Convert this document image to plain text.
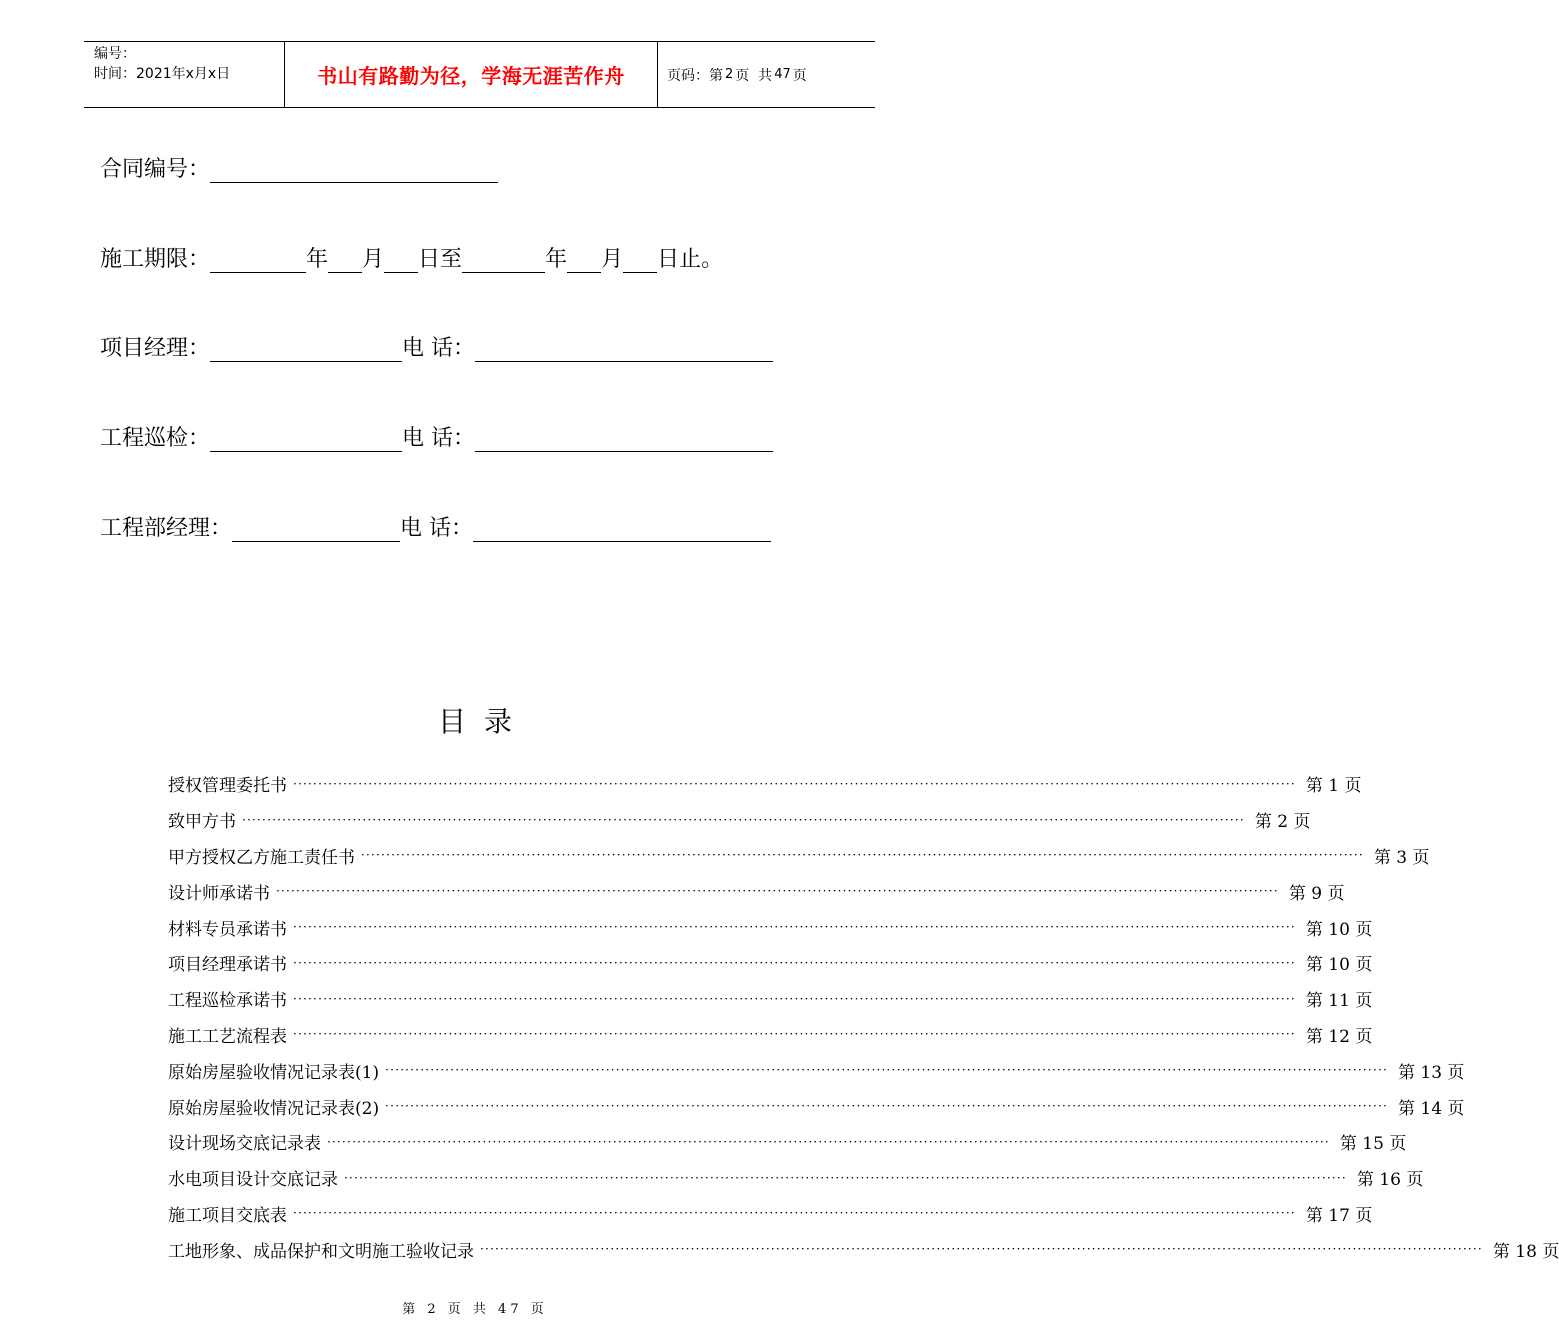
编号：
时间：2021年x月x日	书山有路勤为径，学海无涯苦作舟	页码：第 2 页  共 47 页
合同编号：
施工期限：	年 月 日至	年 月 日止。
项目经理：	电 话：
工程巡检：	电 话：
工程部经理：	电 话：
目录
授权管理委托书 ········································································································································································································ 第 1 页
致甲方书 ········································································································································································································ 第 2 页
甲方授权乙方施工责任书 ········································································································································································································ 第 3 页
设计师承诺书 ········································································································································································································ 第 9 页
材料专员承诺书 ········································································································································································································ 第 10 页
项目经理承诺书 ········································································································································································································ 第 10 页
工程巡检承诺书 ········································································································································································································ 第 11 页
施工工艺流程表 ········································································································································································································ 第 12 页
原始房屋验收情况记录表(1) ········································································································································································································ 第 13 页
原始房屋验收情况记录表(2) ········································································································································································································ 第 14 页
设计现场交底记录表 ········································································································································································································ 第 15 页
水电项目设计交底记录 ········································································································································································································ 第 16 页
施工项目交底表 ········································································································································································································ 第 17 页
工地形象、成品保护和文明施工验收记录 ········································································································································································································ 第 18 页
第 2 页 共 47 页
